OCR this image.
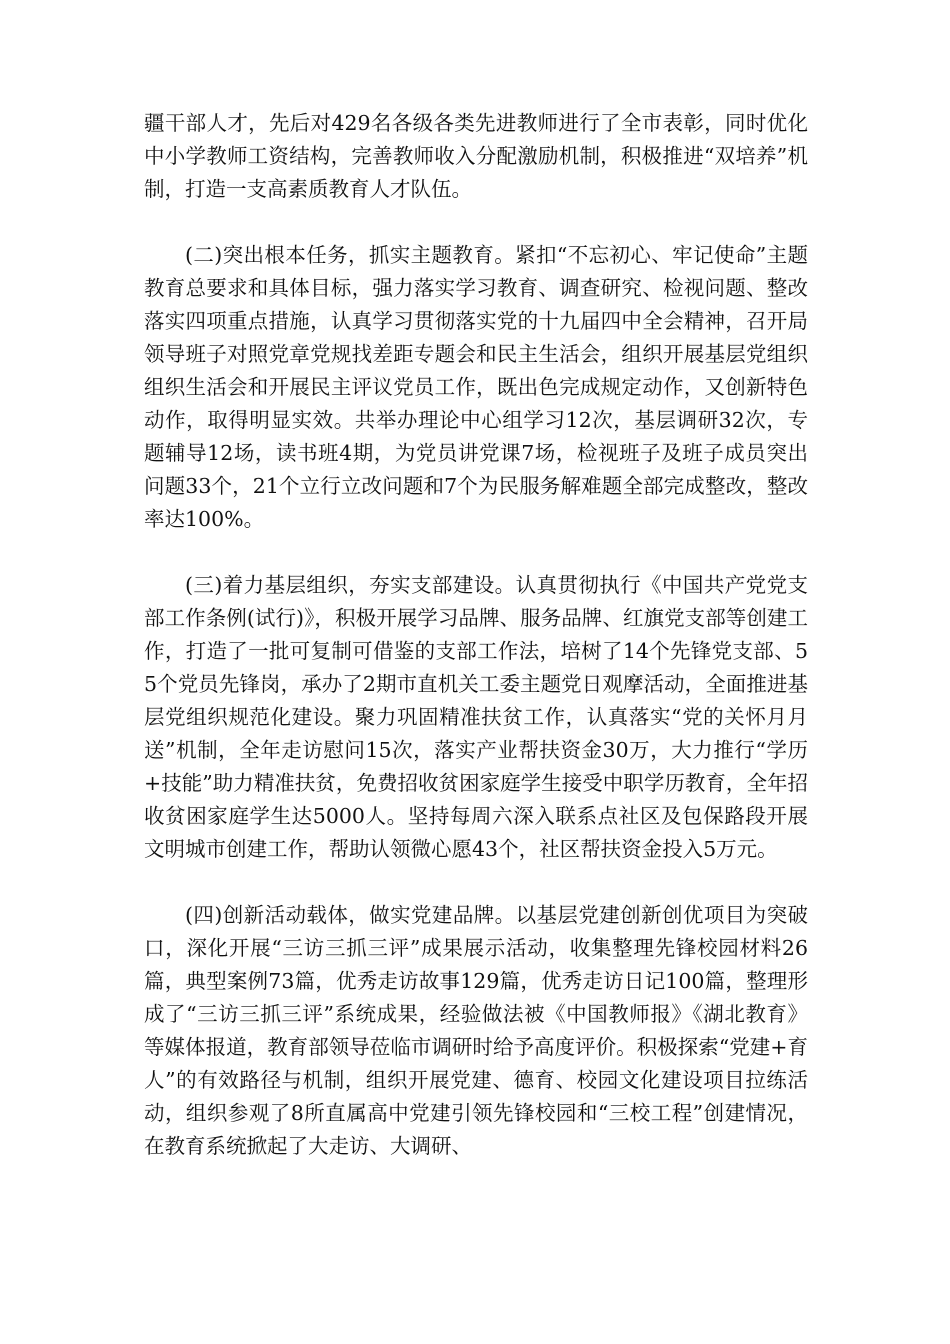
疆干部人才，先后对429名各级各类先进教师进行了全市表彰，同时优化中小学教师工资结构，完善教师收入分配激励机制，积极推进“双培养”机制，打造一支高素质教育人才队伍。

(二)突出根本任务，抓实主题教育。紧扣“不忘初心、牢记使命”主题教育总要求和具体目标，强力落实学习教育、调查研究、检视问题、整改落实四项重点措施，认真学习贯彻落实党的十九届四中全会精神，召开局领导班子对照党章党规找差距专题会和民主生活会，组织开展基层党组织组织生活会和开展民主评议党员工作，既出色完成规定动作，又创新特色动作，取得明显实效。共举办理论中心组学习12次，基层调研32次，专题辅导12场，读书班4期，为党员讲党课7场，检视班子及班子成员突出问题33个，21个立行立改问题和7个为民服务解难题全部完成整改，整改率达100%。

(三)着力基层组织，夯实支部建设。认真贯彻执行《中国共产党党支部工作条例(试行)》，积极开展学习品牌、服务品牌、红旗党支部等创建工作，打造了一批可复制可借鉴的支部工作法，培树了14个先锋党支部、55个党员先锋岗，承办了2期市直机关工委主题党日观摩活动，全面推进基层党组织规范化建设。聚力巩固精准扶贫工作，认真落实“党的关怀月月送”机制，全年走访慰问15次，落实产业帮扶资金30万，大力推行“学历+技能”助力精准扶贫，免费招收贫困家庭学生接受中职学历教育，全年招收贫困家庭学生达5000人。坚持每周六深入联系点社区及包保路段开展文明城市创建工作，帮助认领微心愿43个，社区帮扶资金投入5万元。

(四)创新活动载体，做实党建品牌。以基层党建创新创优项目为突破口，深化开展“三访三抓三评”成果展示活动，收集整理先锋校园材料26篇，典型案例73篇，优秀走访故事129篇，优秀走访日记100篇，整理形成了“三访三抓三评”系统成果，经验做法被《中国教师报》《湖北教育》等媒体报道，教育部领导莅临市调研时给予高度评价。积极探索“党建+育人”的有效路径与机制，组织开展党建、德育、校园文化建设项目拉练活动，组织参观了8所直属高中党建引领先锋校园和“三校工程”创建情况，在教育系统掀起了大走访、大调研、
